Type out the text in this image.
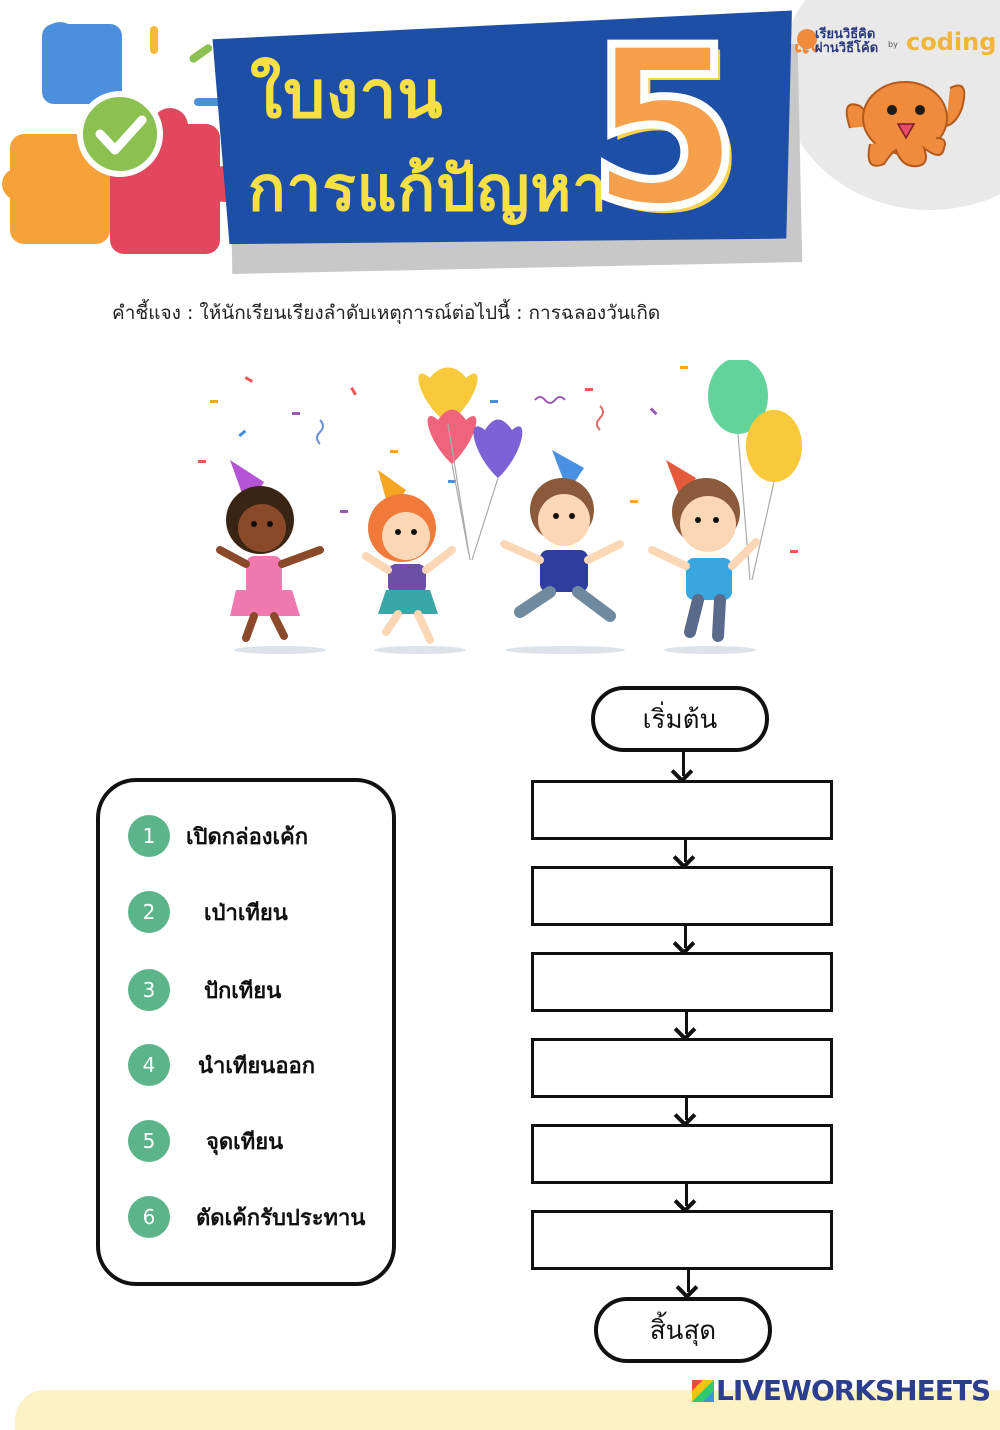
ใบงาน
การแก้ปัญหา
5	เรียนวิธีคิด
ผ่านวิธีโค้ด by coding
คำชี้แจง : ให้นักเรียนเรียงลำดับเหตุการณ์ต่อไปนี้ : การฉลองวันเกิด
1	เปิดกล่องเค้ก
2	เป่าเทียน
3	ปักเทียน
4	นำเทียนออก
5	จุดเทียน
6	ตัดเค้กรับประทาน
เริ่มต้น
สิ้นสุด
LIVEWORKSHEETS
